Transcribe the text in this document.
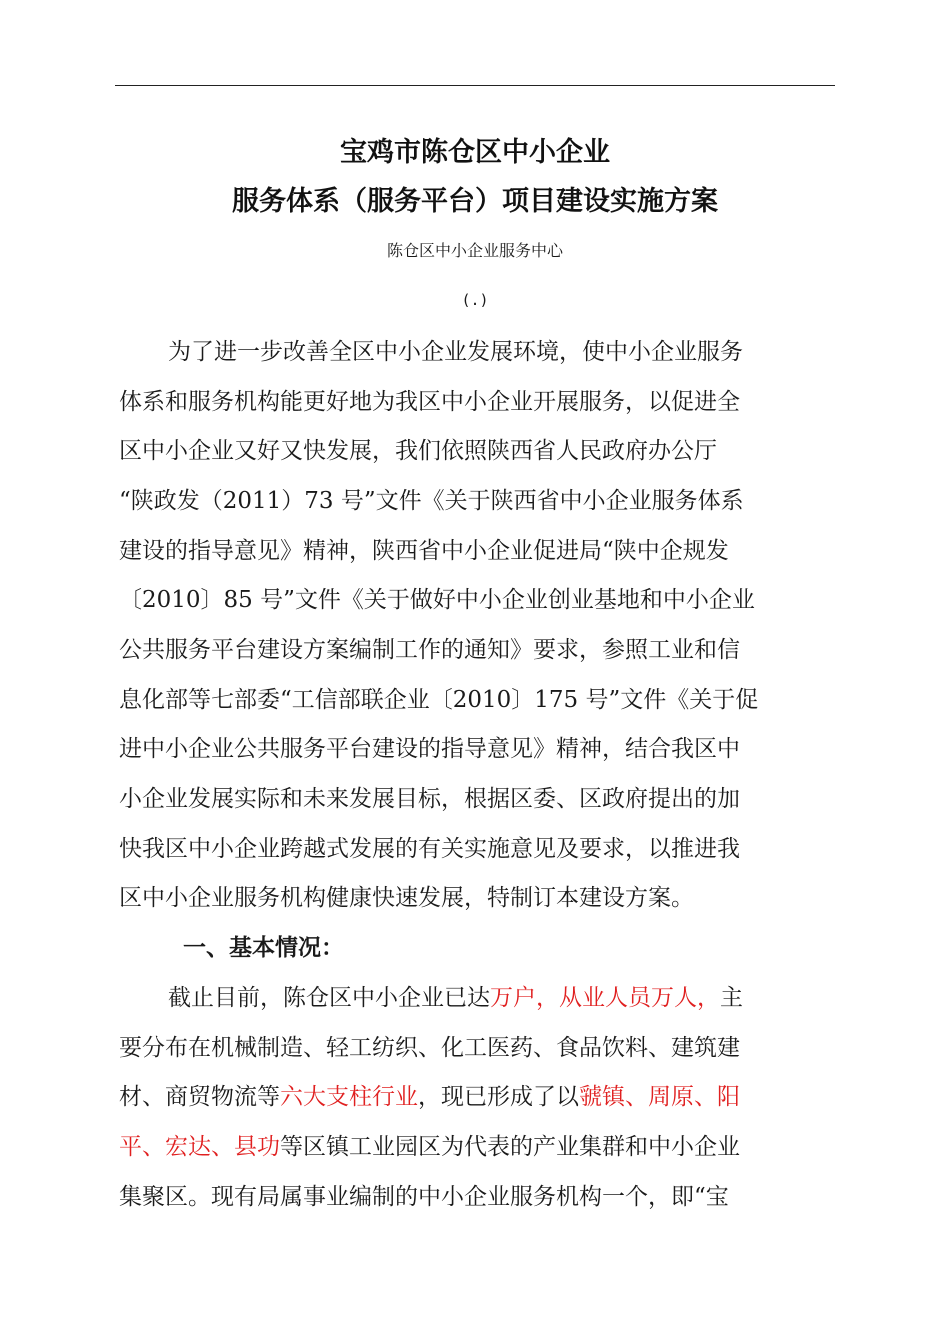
宝鸡市陈仓区中小企业
服务体系（服务平台）项目建设实施方案
陈仓区中小企业服务中心
(.)
为了进一步改善全区中小企业发展环境，使中小企业服务
体系和服务机构能更好地为我区中小企业开展服务，以促进全
区中小企业又好又快发展，我们依照陕西省人民政府办公厅
“陕政发（2011）73 号”文件《关于陕西省中小企业服务体系
建设的指导意见》精神，陕西省中小企业促进局“陕中企规发
〔2010〕85 号”文件《关于做好中小企业创业基地和中小企业
公共服务平台建设方案编制工作的通知》要求，参照工业和信
息化部等七部委“工信部联企业〔2010〕175 号”文件《关于促
进中小企业公共服务平台建设的指导意见》精神，结合我区中
小企业发展实际和未来发展目标，根据区委、区政府提出的加
快我区中小企业跨越式发展的有关实施意见及要求，以推进我
区中小企业服务机构健康快速发展，特制订本建设方案。
一、基本情况：
截止目前，陈仓区中小企业已达万户，从业人员万人，主
要分布在机械制造、轻工纺织、化工医药、食品饮料、建筑建
材、商贸物流等六大支柱行业，现已形成了以虢镇、周原、阳
平、宏达、县功等区镇工业园区为代表的产业集群和中小企业
集聚区。现有局属事业编制的中小企业服务机构一个，即“宝
